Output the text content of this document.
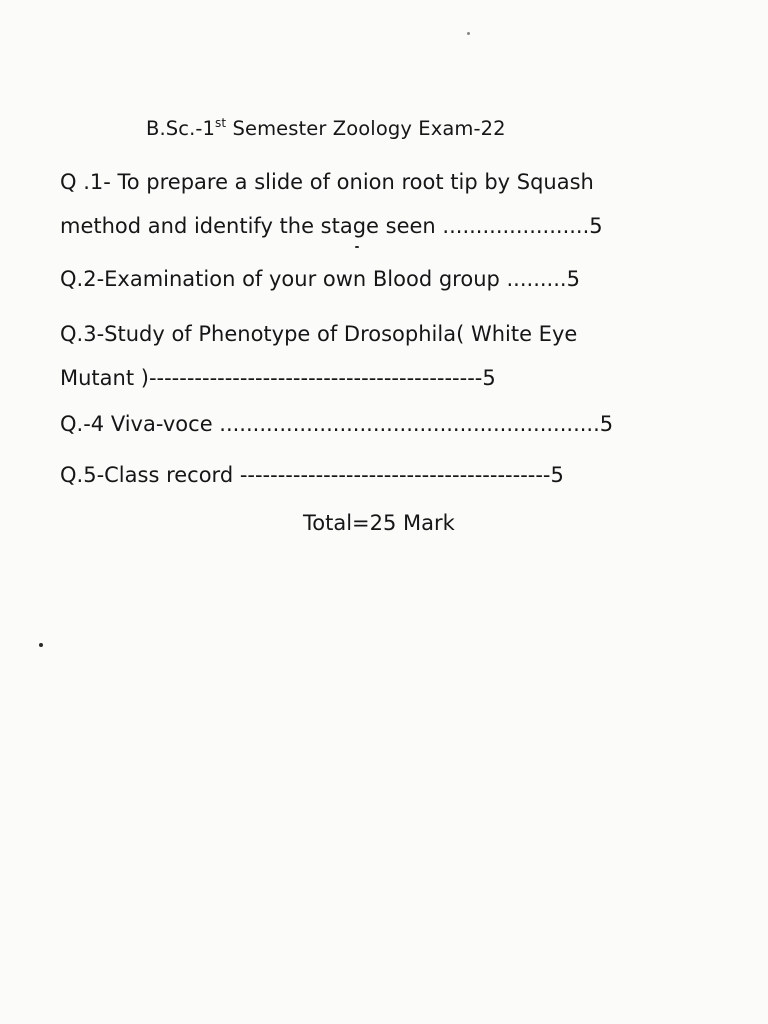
B.Sc.-1st Semester Zoology Exam-22
Q .1- To prepare a slide of onion root tip by Squash
method and identify the stage seen ......................5
Q.2-Examination of your own Blood group .........5
Q.3-Study of Phenotype of Drosophila( White Eye
Mutant )--------------------------------------------5
Q.-4 Viva-voce .........................................................5
Q.5-Class record -----------------------------------------5
Total=25 Mark
